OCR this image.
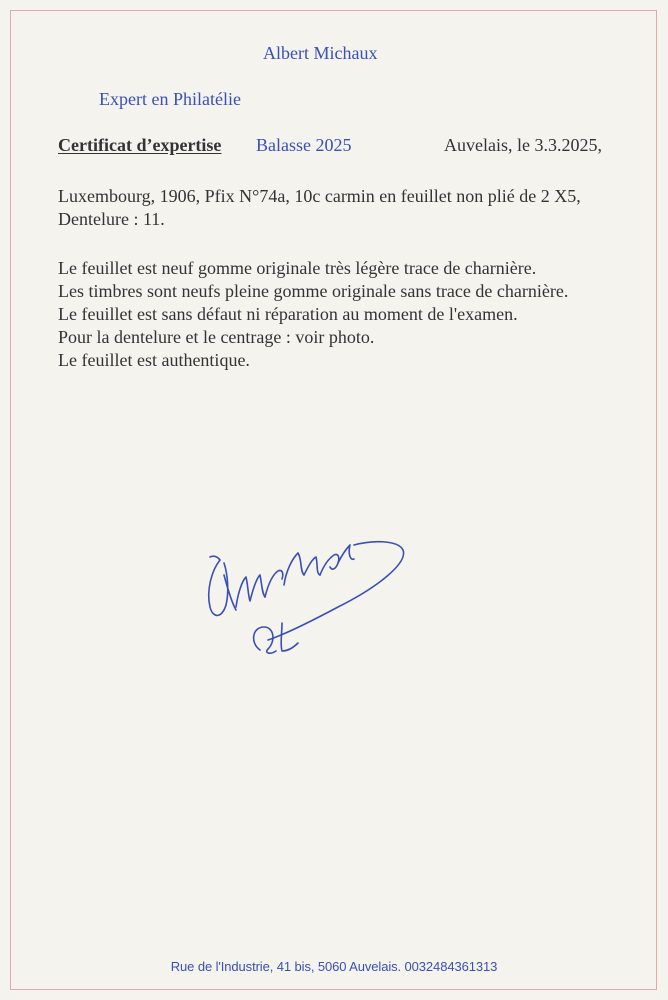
Albert Michaux
Expert en Philatélie
Certificat d’expertise Balasse 2025	Auvelais, le 3.3.2025,
Luxembourg, 1906, Pfix N°74a, 10c carmin en feuillet non plié de 2 X5,
Dentelure : 11.
Le feuillet est neuf gomme originale très légère trace de charnière.
Les timbres sont neufs pleine gomme originale sans trace de charnière.
Le feuillet est sans défaut ni réparation au moment de l'examen.
Pour la dentelure et le centrage : voir photo.
Le feuillet est authentique.
Rue de l'Industrie, 41 bis, 5060 Auvelais. 0032484361313
